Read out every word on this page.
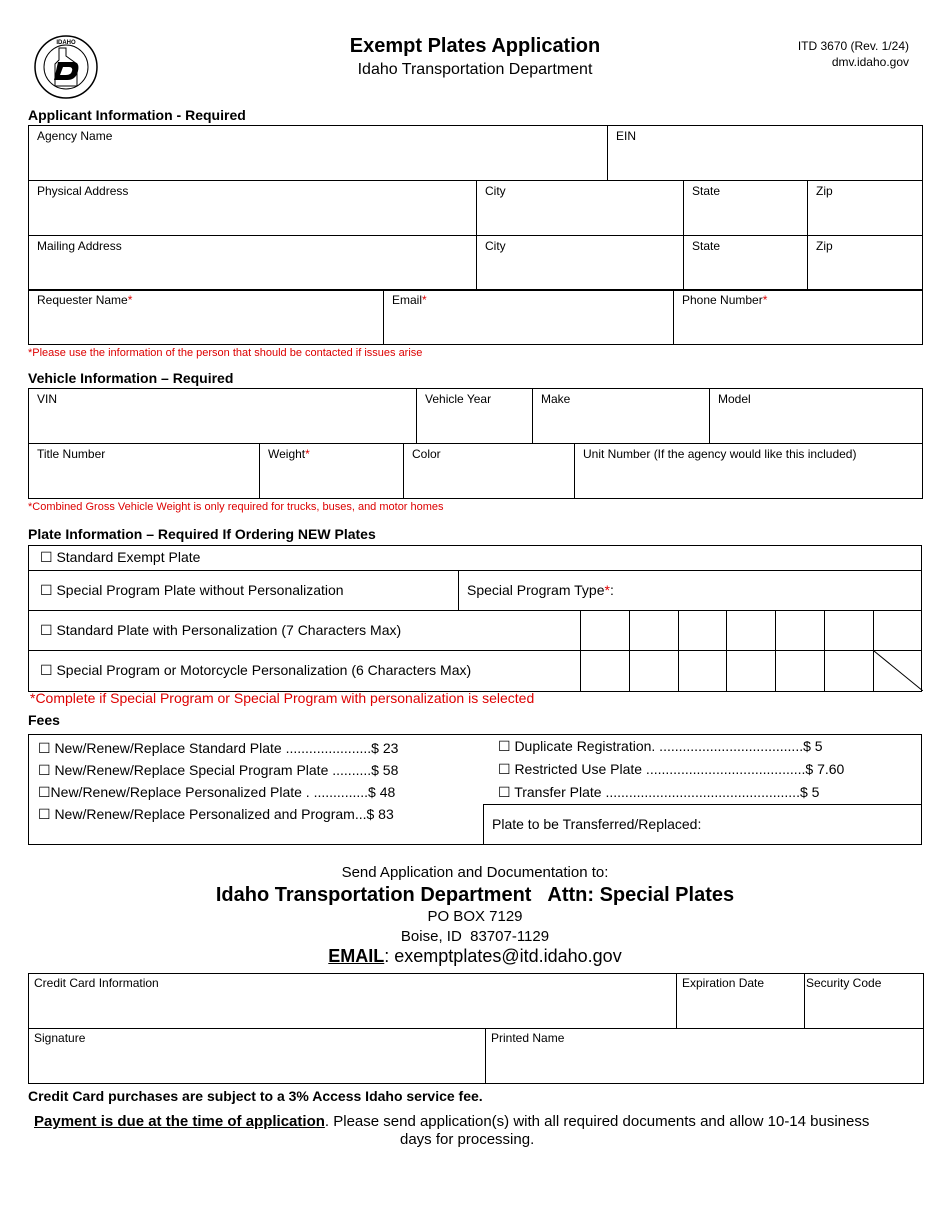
IDAHO	Exempt Plates Application
Idaho Transportation Department
ITD 3670 (Rev. 1/24)
dmv.idaho.gov
Applicant Information - Required
Agency Name		EIN		
Physical Address	City		State	Zip
Mailing Address	City		State	Zip
Requester Name*	Email*	Phone Number*
*Please use the information of the person that should be contacted if issues arise
Vehicle Information – Required
VIN	Vehicle Year	Make	Model
Title Number	Weight*	Color	Unit Number (If the agency would like this included)
*Combined Gross Vehicle Weight is only required for trucks, buses, and motor homes
Plate Information – Required If Ordering NEW Plates
☐ Standard Exempt Plate
☐ Special Program Plate without Personalization	Special Program Type*:
☐ Standard Plate with Personalization (7 Characters Max)
☐ Special Program or Motorcycle Personalization (6 Characters Max)
*Complete if Special Program or Special Program with personalization is selected
Fees
☐ New/Renew/Replace Standard Plate ......................$ 23
☐ New/Renew/Replace Special Program Plate ..........$ 58
☐New/Renew/Replace Personalized Plate . ..............$ 48
☐ New/Renew/Replace Personalized and Program...$ 83
☐ Duplicate Registration. .....................................$ 5
☐ Restricted Use Plate .........................................$ 7.60
☐ Transfer Plate ..................................................$ 5
Plate to be Transferred/Replaced:
Send Application and Documentation to:
Idaho Transportation Department   Attn: Special Plates
PO BOX 7129
Boise, ID  83707-1129
EMAIL: exemptplates@itd.idaho.gov
Credit Card Information	Expiration Date	Security Code
Signature	Printed Name
Credit Card purchases are subject to a 3% Access Idaho service fee.
Payment is due at the time of application. Please send application(s) with all required documents and allow 10-14 business
days for processing.
